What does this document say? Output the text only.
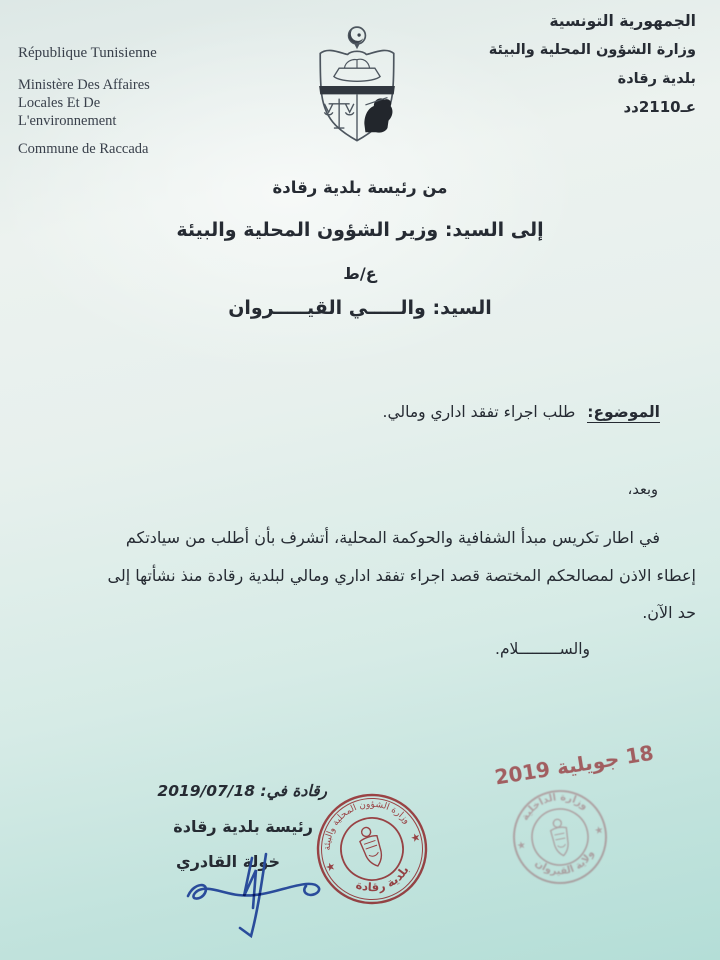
République Tunisienne
Ministère Des Affaires
Locales Et De
L'environnement
Commune de Raccada
الجمهورية التونسية
وزارة الشؤون المحلية والبيئة
بلدية رقادة
عـ2110دد
من رئيسة بلدية رقادة
إلى السيد: وزير الشؤون المحلية والبيئة
ع/ط
السيد: والـــــي القيـــــروان
الموضوع: طلب اجراء تفقد اداري ومالي.
وبعد،
في اطار تكريس مبدأ الشفافية والحوكمة المحلية، أتشرف بأن أطلب من سيادتكم
إعطاء الاذن لمصالحكم المختصة قصد اجراء تفقد اداري ومالي لبلدية رقادة منذ نشأتها إلى
حد الآن.
والســـــــــلام.
رقادة في: 2019/07/18
رئيسة بلدية رقادة
خولة القادري
وزارة الشؤون المحلية والبيئة
بلدية رقادة
★
★
وزارة الداخلية
ولاية القيروان
★
★
18 جويلية 2019
